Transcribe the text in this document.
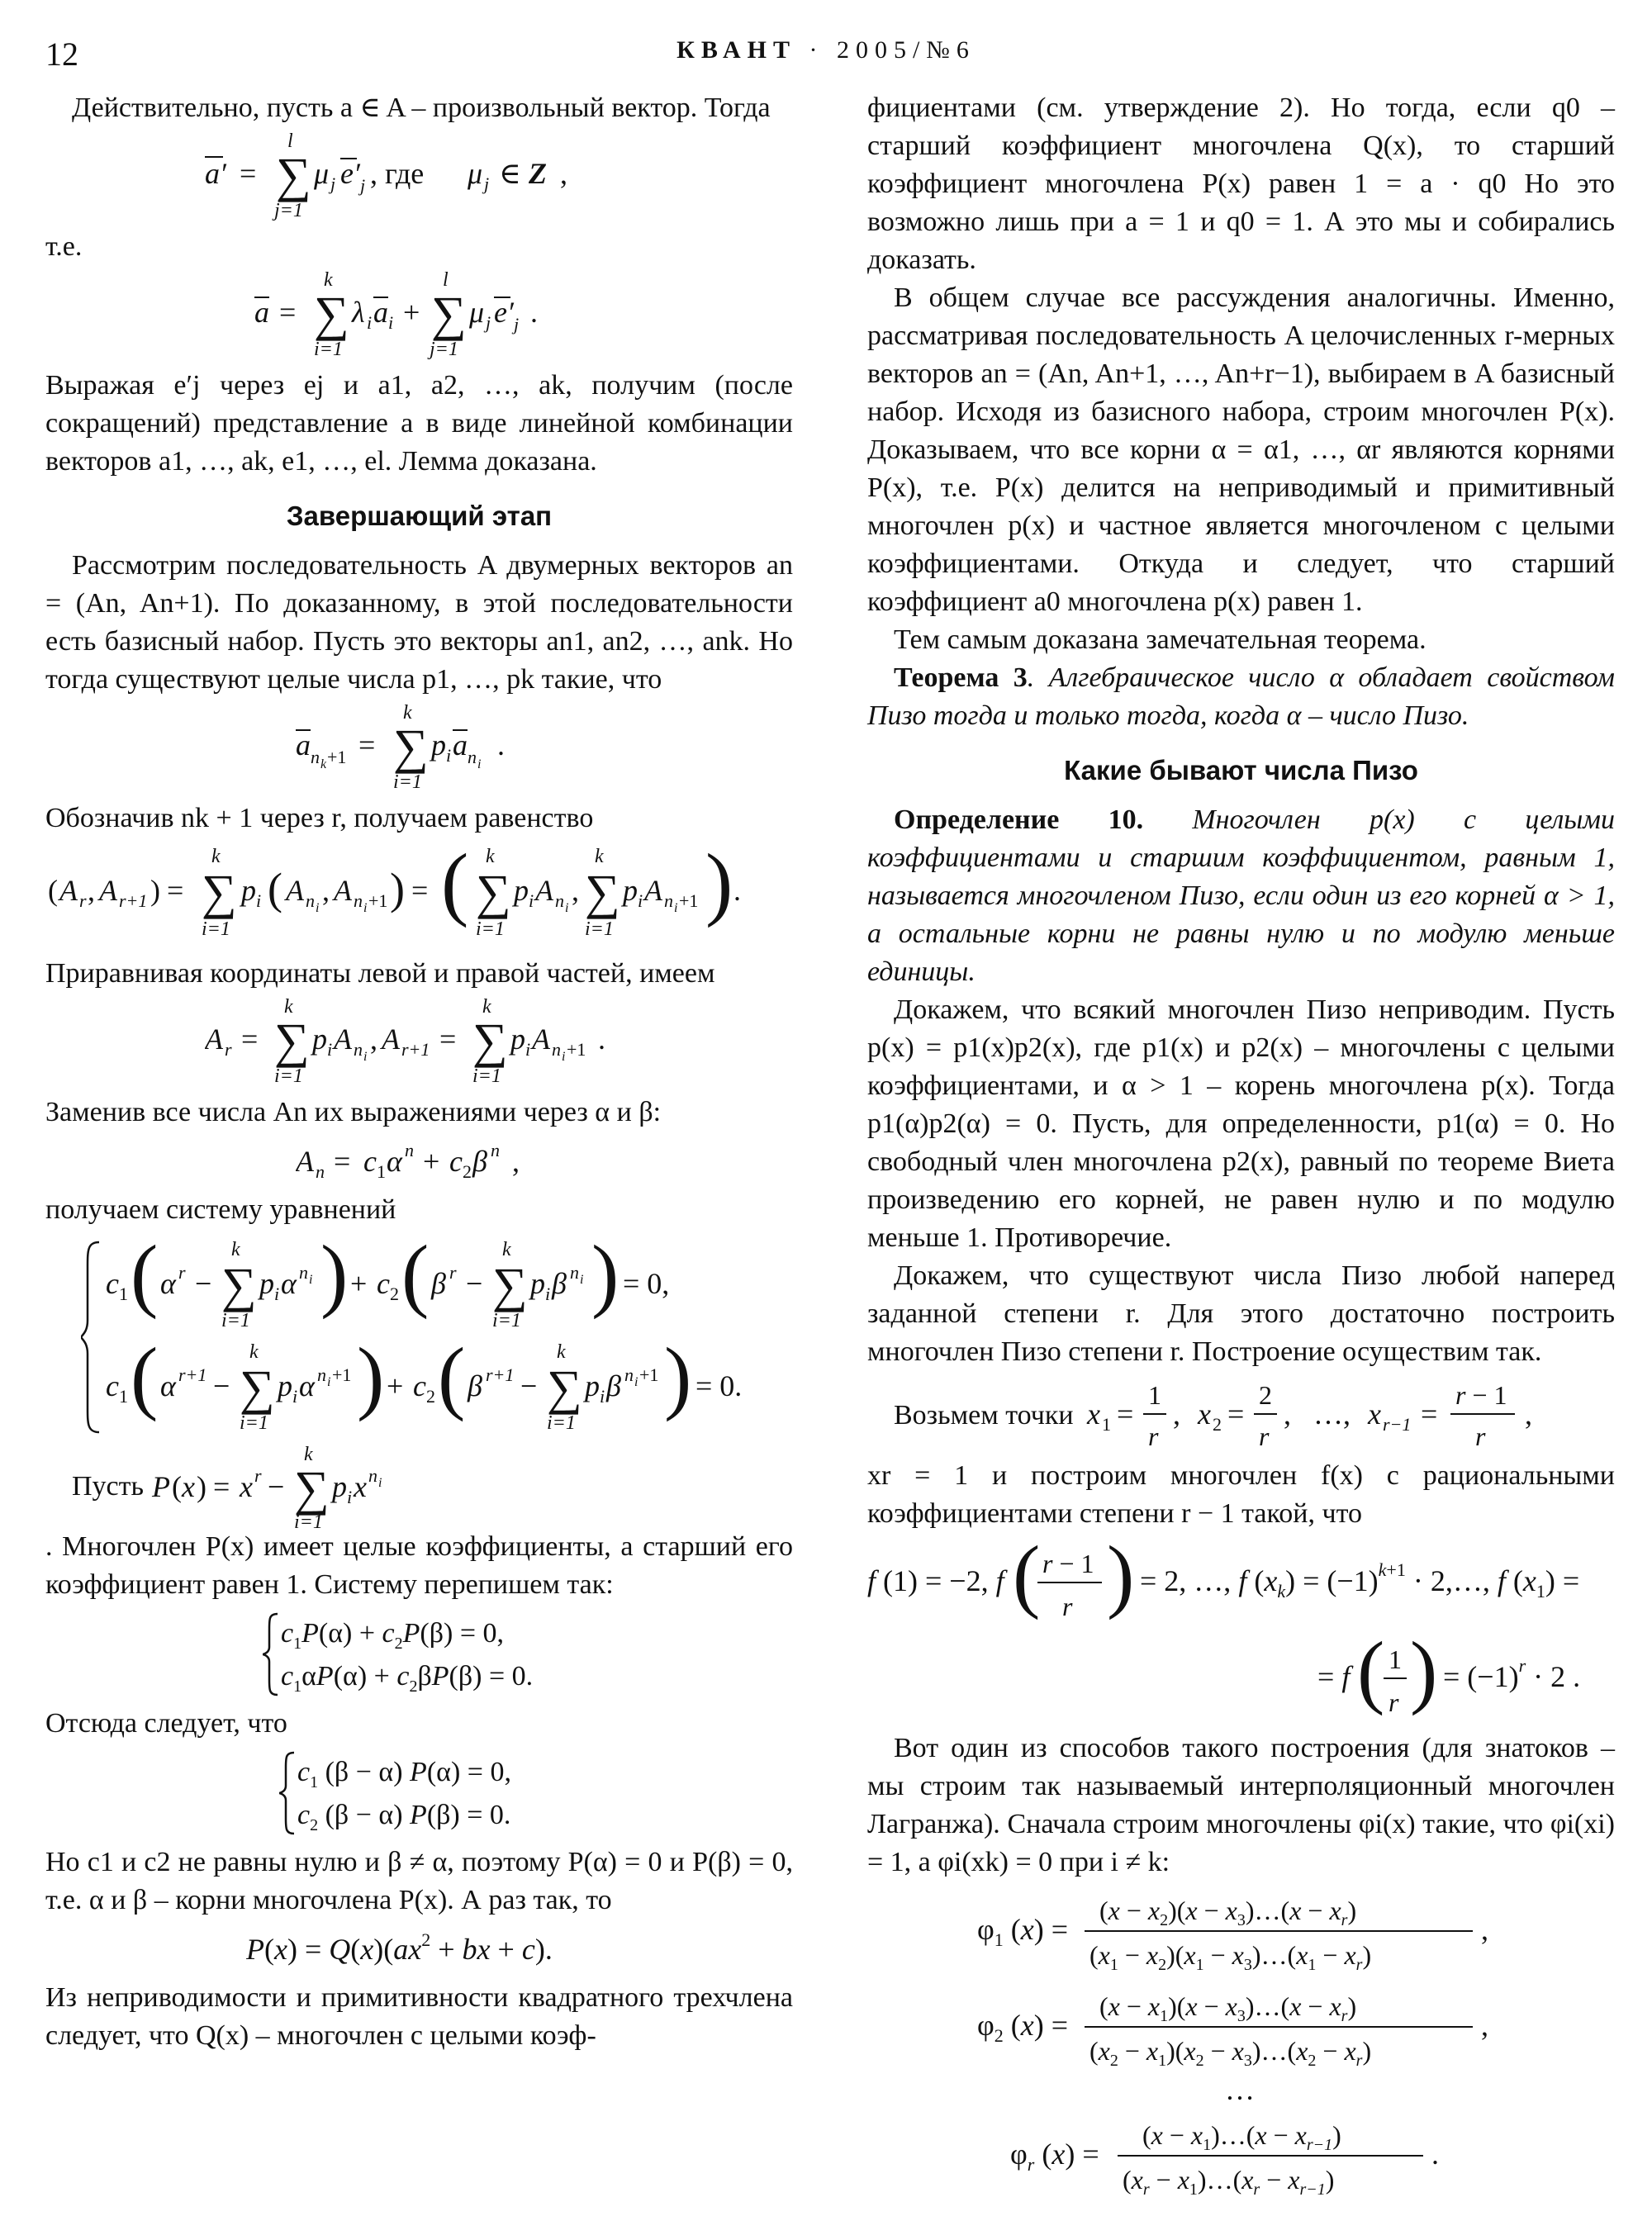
12	КВАНТ · 2005/№6

Действительно, пусть a ∈ A – произвольный вектор. Тогда

a′ = ∑
l
j=1
μ j e′ j , где μ j ∈ Z ,

т.е.

a = ∑
k
i=1
λ i a i + ∑
l
j=1
μ j e′ j .

Выражая e′j через ej и a1, a2, …, ak, получим (после сокращений) представление a в виде линейной комбинации векторов a1, …, ak, e1, …, el. Лемма доказана.

Завершающий этап

Рассмотрим последовательность A двумерных векторов an = (An, An+1). По доказанному, в этой последовательности есть базисный набор. Пусть это векторы an1, an2, …, ank. Но тогда существуют целые числа p1, …, pk такие, что

a n k +1 = ∑
k
i=1
p i a n i
.

Обозначив nk + 1 через r, получаем равенство

( A r , A r+1 ) = ∑
k
i=1
p i ( A n i
, A n i +1 ) = ( ∑
k
i=1
p i A n i
, ∑
k
i=1
p i A n i +1 ) .

Приравнивая координаты левой и правой частей, имеем

A r = ∑
k
i=1
p i A n i
, A r+1 = ∑
k
i=1
p i A n i +1 .

Заменив все числа An их выражениями через α и β:

A n = c 1 α n + c 2 β n ,

получаем систему уравнений

c 1 ( α r − ∑
k
i=1
p i α n i ) + c 2 ( β r − ∑
k
i=1
p i β n i ) = 0,
c 1 ( α r+1 − ∑
k
i=1
p i α n i +1 ) + c 2 ( β r+1 − ∑
k
i=1
p i β n i +1 ) = 0.
Пусть P ( x ) = x r − ∑
k
i=1
p i x n i

. Многочлен P(x) имеет целые коэффициенты, а старший его коэффициент равен 1. Систему перепишем так:

$c_1P(\alpha) + c_2P(\beta) = 0$,
$c_1\alpha P(\alpha) + c_2\beta P(\beta) = 0$.

Отсюда следует, что

$c_1$ (β − α) P(α) = 0,
$c_2$ (β − α) P(β) = 0.

Но c1 и c2 не равны нулю и β ≠ α, поэтому P(α) = 0 и P(β) = 0, т.е. α и β – корни многочлена P(x). А раз так, то

$P(x) = Q(x)(ax^2$ + bx + c).

Из неприводимости и примитивности квадратного трехчлена следует, что Q(x) – многочлен с целыми коэф-

фициентами (см. утверждение 2). Но тогда, если q0 – старший коэффициент многочлена Q(x), то старший коэффициент многочлена P(x) равен 1 = a · q0 Но это возможно лишь при a = 1 и q0 = 1. А это мы и собирались доказать.

В общем случае все рассуждения аналогичны. Именно, рассматривая последовательность A целочисленных r-мерных векторов an = (An, An+1, …, An+r−1), выбираем в A базисный набор. Исходя из базисного набора, строим многочлен P(x). Доказываем, что все корни α = α1, …, αr являются корнями P(x), т.е. P(x) делится на неприводимый и примитивный многочлен p(x) и частное является многочленом с целыми коэффициентами. Откуда и следует, что старший коэффициент a0 многочлена p(x) равен 1.

Тем самым доказана замечательная теорема.

Теорема 3. Алгебраическое число α обладает свойством Пизо тогда и только тогда, когда α – число Пизо.

Какие бывают числа Пизо

Определение 10. Многочлен p(x) с целыми коэффициентами и старшим коэффициентом, равным 1, называется многочленом Пизо, если один из его корней α > 1, а остальные корни не равны нулю и по модулю меньше единицы.

Докажем, что всякий многочлен Пизо неприводим. Пусть p(x) = p1(x)p2(x), где p1(x) и p2(x) – многочлены с целыми коэффициентами, и α > 1 – корень многочлена p(x). Тогда p1(α)p2(α) = 0. Пусть, для определенности, p1(α) = 0. Но свободный член многочлена p2(x), равный по теореме Виета произведению его корней, не равен нулю и по модулю меньше 1. Противоречие.

Докажем, что существуют числа Пизо любой наперед заданной степени r. Для этого достаточно построить многочлен Пизо степени r. Построение осуществим так.

Возьмем точки x 1 =
1
r
, x 2 =
2
r
, …, x r−1 =
r − 1
r
,

xr = 1 и построим многочлен f(x) с рациональными коэффициентами степени r − 1 такой, что

f (1) = −2, f ( r − 1
r ) = 2, …, f $(x_k) = (-1)^k+1$ · 2,…, f $(x_1)$ =
= f ( 1
r ) = $(-1)^r \cdot 2$ .

Вот один из способов такого построения (для знатоков – мы строим так называемый интерполяционный многочлен Лагранжа). Сначала строим многочлены φi(x) такие, что φi(xi) = 1, а φi(xk) = 0 при i ≠ k:

$\varphi_1$ (x) =
$(x - x_2)(x$ − $x_3)\dots(x - x_r)$
$(x_1 - x_2)(x_1$ − $x_3)\dots(x_1 - x_r)$
,
$\varphi_2$ (x) =
$(x - x_1)(x$ − $x_3)\dots(x - x_r)$
$(x_2 - x_1)(x_2$ − $x_3)\dots(x_2 - x_r)$
,
…
$\varphi_r$ (x) =
$(x - x_1)\dots(x - x_{r-1})$
($x_r$ − $x_1)\dots(x_r - x_{r-1})$
.
